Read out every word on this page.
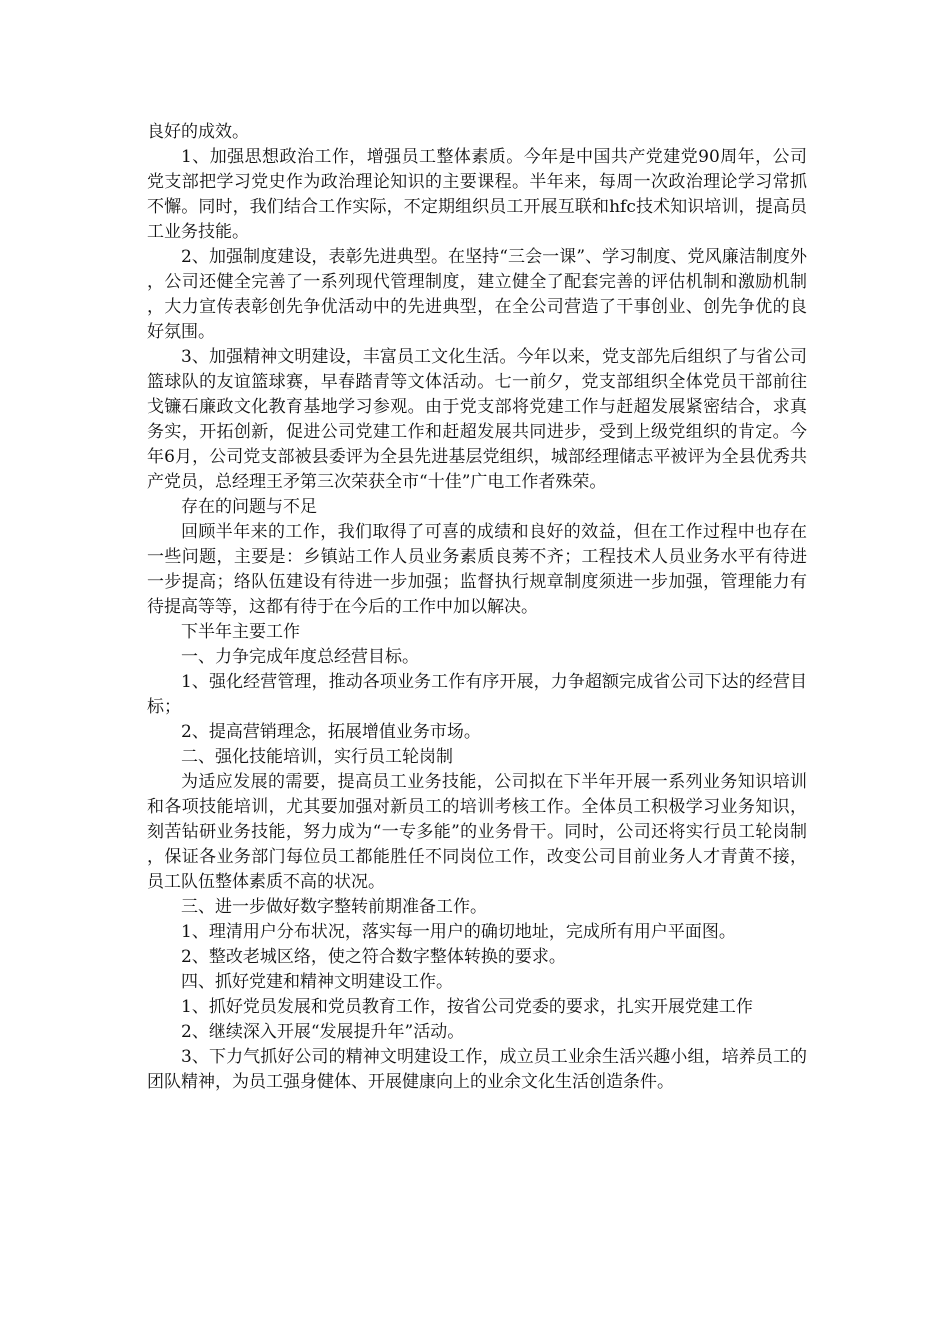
良好的成效。

1、加强思想政治工作，增强员工整体素质。今年是中国共产党建党90周年，公司党支部把学习党史作为政治理论知识的主要课程。半年来，每周一次政治理论学习常抓不懈。同时，我们结合工作实际，不定期组织员工开展互联和hfc技术知识培训，提高员工业务技能。

2、加强制度建设，表彰先进典型。在坚持“三会一课”、学习制度、党风廉洁制度外，公司还健全完善了一系列现代管理制度，建立健全了配套完善的评估机制和激励机制，大力宣传表彰创先争优活动中的先进典型，在全公司营造了干事创业、创先争优的良好氛围。

3、加强精神文明建设，丰富员工文化生活。今年以来，党支部先后组织了与省公司篮球队的友谊篮球赛，早春踏青等文体活动。七一前夕，党支部组织全体党员干部前往戈镰石廉政文化教育基地学习参观。由于党支部将党建工作与赶超发展紧密结合，求真务实，开拓创新，促进公司党建工作和赶超发展共同进步，受到上级党组织的肯定。今年6月，公司党支部被县委评为全县先进基层党组织，城部经理储志平被评为全县优秀共产党员，总经理王矛第三次荣获全市“十佳”广电工作者殊荣。

存在的问题与不足

回顾半年来的工作，我们取得了可喜的成绩和良好的效益，但在工作过程中也存在一些问题，主要是：乡镇站工作人员业务素质良莠不齐；工程技术人员业务水平有待进一步提高；络队伍建设有待进一步加强；监督执行规章制度须进一步加强，管理能力有待提高等等，这都有待于在今后的工作中加以解决。

下半年主要工作

一、力争完成年度总经营目标。

1、强化经营管理，推动各项业务工作有序开展，力争超额完成省公司下达的经营目标；

2、提高营销理念，拓展增值业务市场。

二、强化技能培训，实行员工轮岗制

为适应发展的需要，提高员工业务技能，公司拟在下半年开展一系列业务知识培训和各项技能培训，尤其要加强对新员工的培训考核工作。全体员工积极学习业务知识，刻苦钻研业务技能，努力成为“一专多能”的业务骨干。同时，公司还将实行员工轮岗制，保证各业务部门每位员工都能胜任不同岗位工作，改变公司目前业务人才青黄不接，员工队伍整体素质不高的状况。

三、进一步做好数字整转前期准备工作。

1、理清用户分布状况，落实每一用户的确切地址，完成所有用户平面图。

2、整改老城区络，使之符合数字整体转换的要求。

四、抓好党建和精神文明建设工作。

1、抓好党员发展和党员教育工作，按省公司党委的要求，扎实开展党建工作

2、继续深入开展“发展提升年”活动。

3、下力气抓好公司的精神文明建设工作，成立员工业余生活兴趣小组，培养员工的团队精神，为员工强身健体、开展健康向上的业余文化生活创造条件。
